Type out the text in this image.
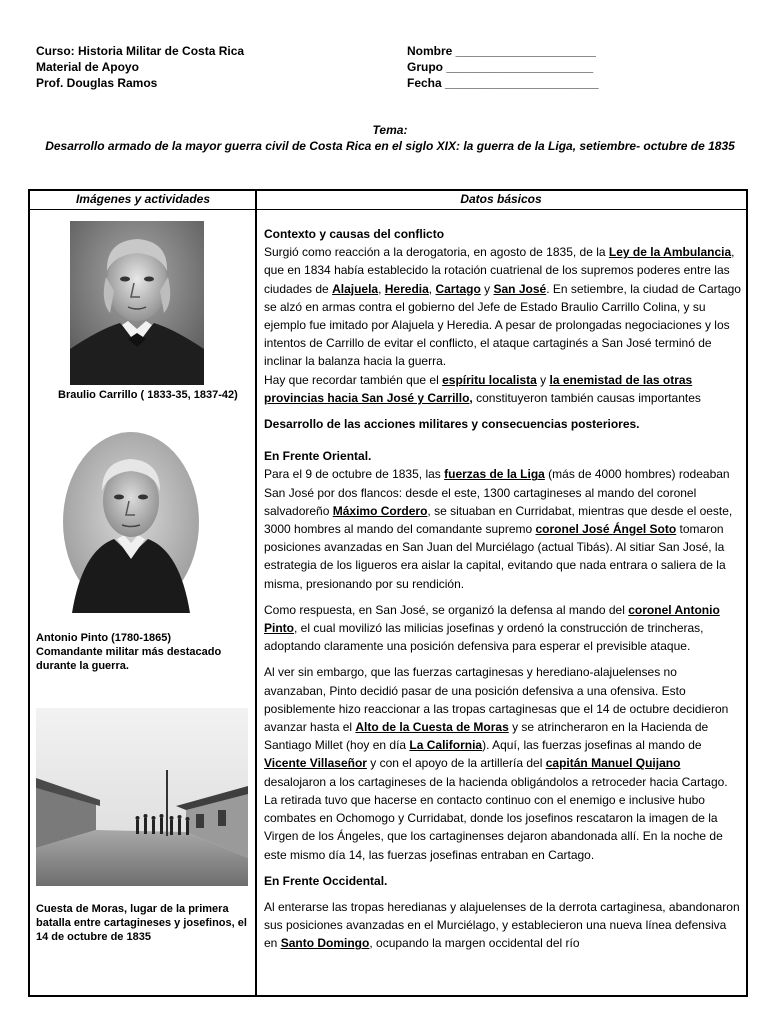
Curso: Historia Militar de Costa Rica
Material de Apoyo
Prof. Douglas Ramos
Nombre _____________________
Grupo ______________________
Fecha _______________________
Tema:
Desarrollo armado de la mayor guerra civil de Costa Rica en el siglo XIX: la guerra de la Liga, setiembre- octubre de 1835
Imágenes y actividades	Datos básicos
Braulio Carrillo ( 1833-35, 1837-42)
Antonio Pinto (1780-1865)
Comandante militar más destacado durante la guerra.
Cuesta de Moras, lugar de la primera batalla entre cartagineses y josefinos, el 14 de octubre de 1835

Contexto y causas del conflicto
Surgió como reacción a la derogatoria, en agosto de 1835, de la Ley de la Ambulancia, que en 1834 había establecido la rotación cuatrienal de los supremos poderes entre las ciudades de Alajuela, Heredia, Cartago y San José. En setiembre, la ciudad de Cartago se alzó en armas contra el gobierno del Jefe de Estado Braulio Carrillo Colina, y su ejemplo fue imitado por Alajuela y Heredia. A pesar de prolongadas negociaciones y los intentos de Carrillo de evitar el conflicto, el ataque cartaginés a San José terminó de inclinar la balanza hacia la guerra.
Hay que recordar también que el espíritu localista y la enemistad de las otras provincias hacia San José y Carrillo, constituyeron también causas importantes

Desarrollo de las acciones militares y consecuencias posteriores.

En Frente Oriental.
Para el 9 de octubre de 1835, las fuerzas de la Liga (más de 4000 hombres) rodeaban San José por dos flancos: desde el este, 1300 cartagineses al mando del coronel salvadoreño Máximo Cordero, se situaban en Curridabat, mientras que desde el oeste, 3000 hombres al mando del comandante supremo coronel José Ángel Soto tomaron posiciones avanzadas en San Juan del Murciélago (actual Tibás). Al sitiar San José, la estrategia de los ligueros era aislar la capital, evitando que nada entrara o saliera de la misma, presionando por su rendición.

Como respuesta, en San José, se organizó la defensa al mando del coronel Antonio Pinto, el cual movilizó las milicias josefinas y ordenó la construcción de trincheras, adoptando claramente una posición defensiva para esperar el previsible ataque.

Al ver sin embargo, que las fuerzas cartaginesas y herediano-alajuelenses no avanzaban, Pinto decidió pasar de una posición defensiva a una ofensiva. Esto posiblemente hizo reaccionar a las tropas cartaginesas que el 14 de octubre decidieron avanzar hasta el Alto de la Cuesta de Moras y se atrincheraron en la Hacienda de Santiago Millet (hoy en día La California). Aquí, las fuerzas josefinas al mando de Vicente Villaseñor y con el apoyo de la artillería del capitán Manuel Quijano desalojaron a los cartagineses de la hacienda obligándolos a retroceder hacia Cartago. La retirada tuvo que hacerse en contacto continuo con el enemigo e inclusive hubo combates en Ochomogo y Curridabat, donde los josefinos rescataron la imagen de la Virgen de los Ángeles, que los cartaginenses dejaron abandonada allí. En la noche de este mismo día 14, las fuerzas josefinas entraban en Cartago.

En Frente Occidental.

Al enterarse las tropas heredianas y alajuelenses de la derrota cartaginesa, abandonaron sus posiciones avanzadas en el Murciélago, y establecieron una nueva línea defensiva en Santo Domingo, ocupando la margen occidental del río
